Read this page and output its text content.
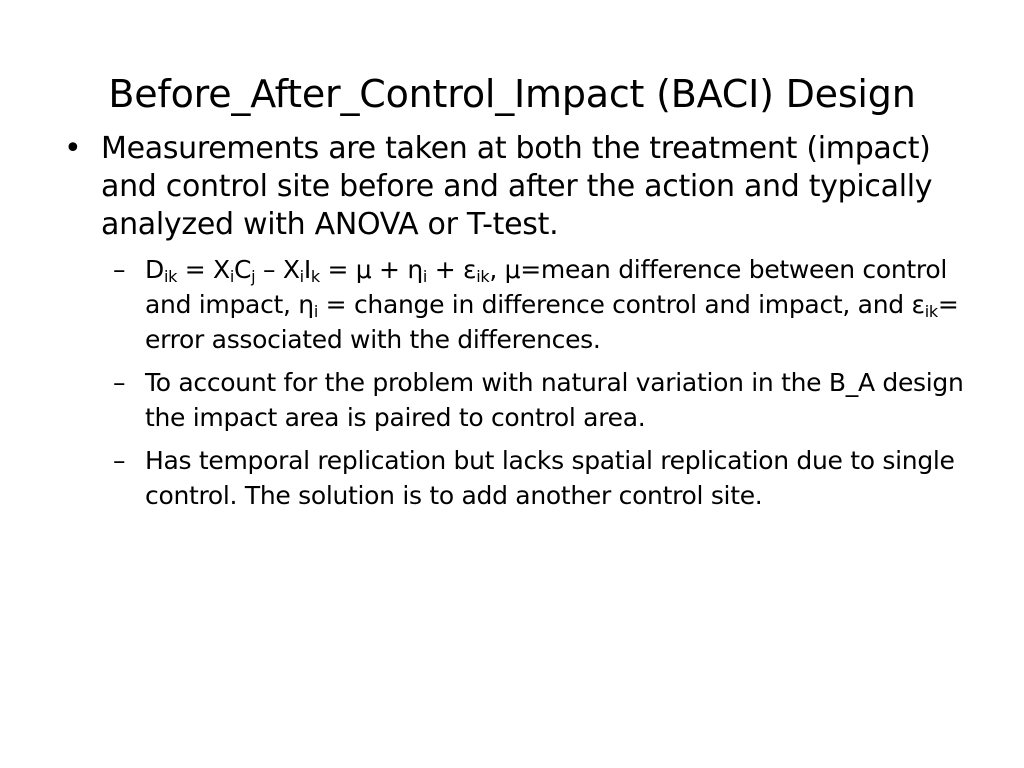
Before_After_Control_Impact (BACI) Design
• Measurements are taken at both the treatment (impact) and control site before and after the action and typically analyzed with ANOVA or T-test.
– $D_{ik} = X_iC_j - X_iI_k = \mu + \eta_i + \varepsilon_{ik}$, μ=mean difference between control and impact, $\eta_i$ = change in difference control and impact, and $\varepsilon_{ik}=$ error associated with the differences.
– To account for the problem with natural variation in the B_A design the impact area is paired to control area.
– Has temporal replication but lacks spatial replication due to single control. The solution is to add another control site.
